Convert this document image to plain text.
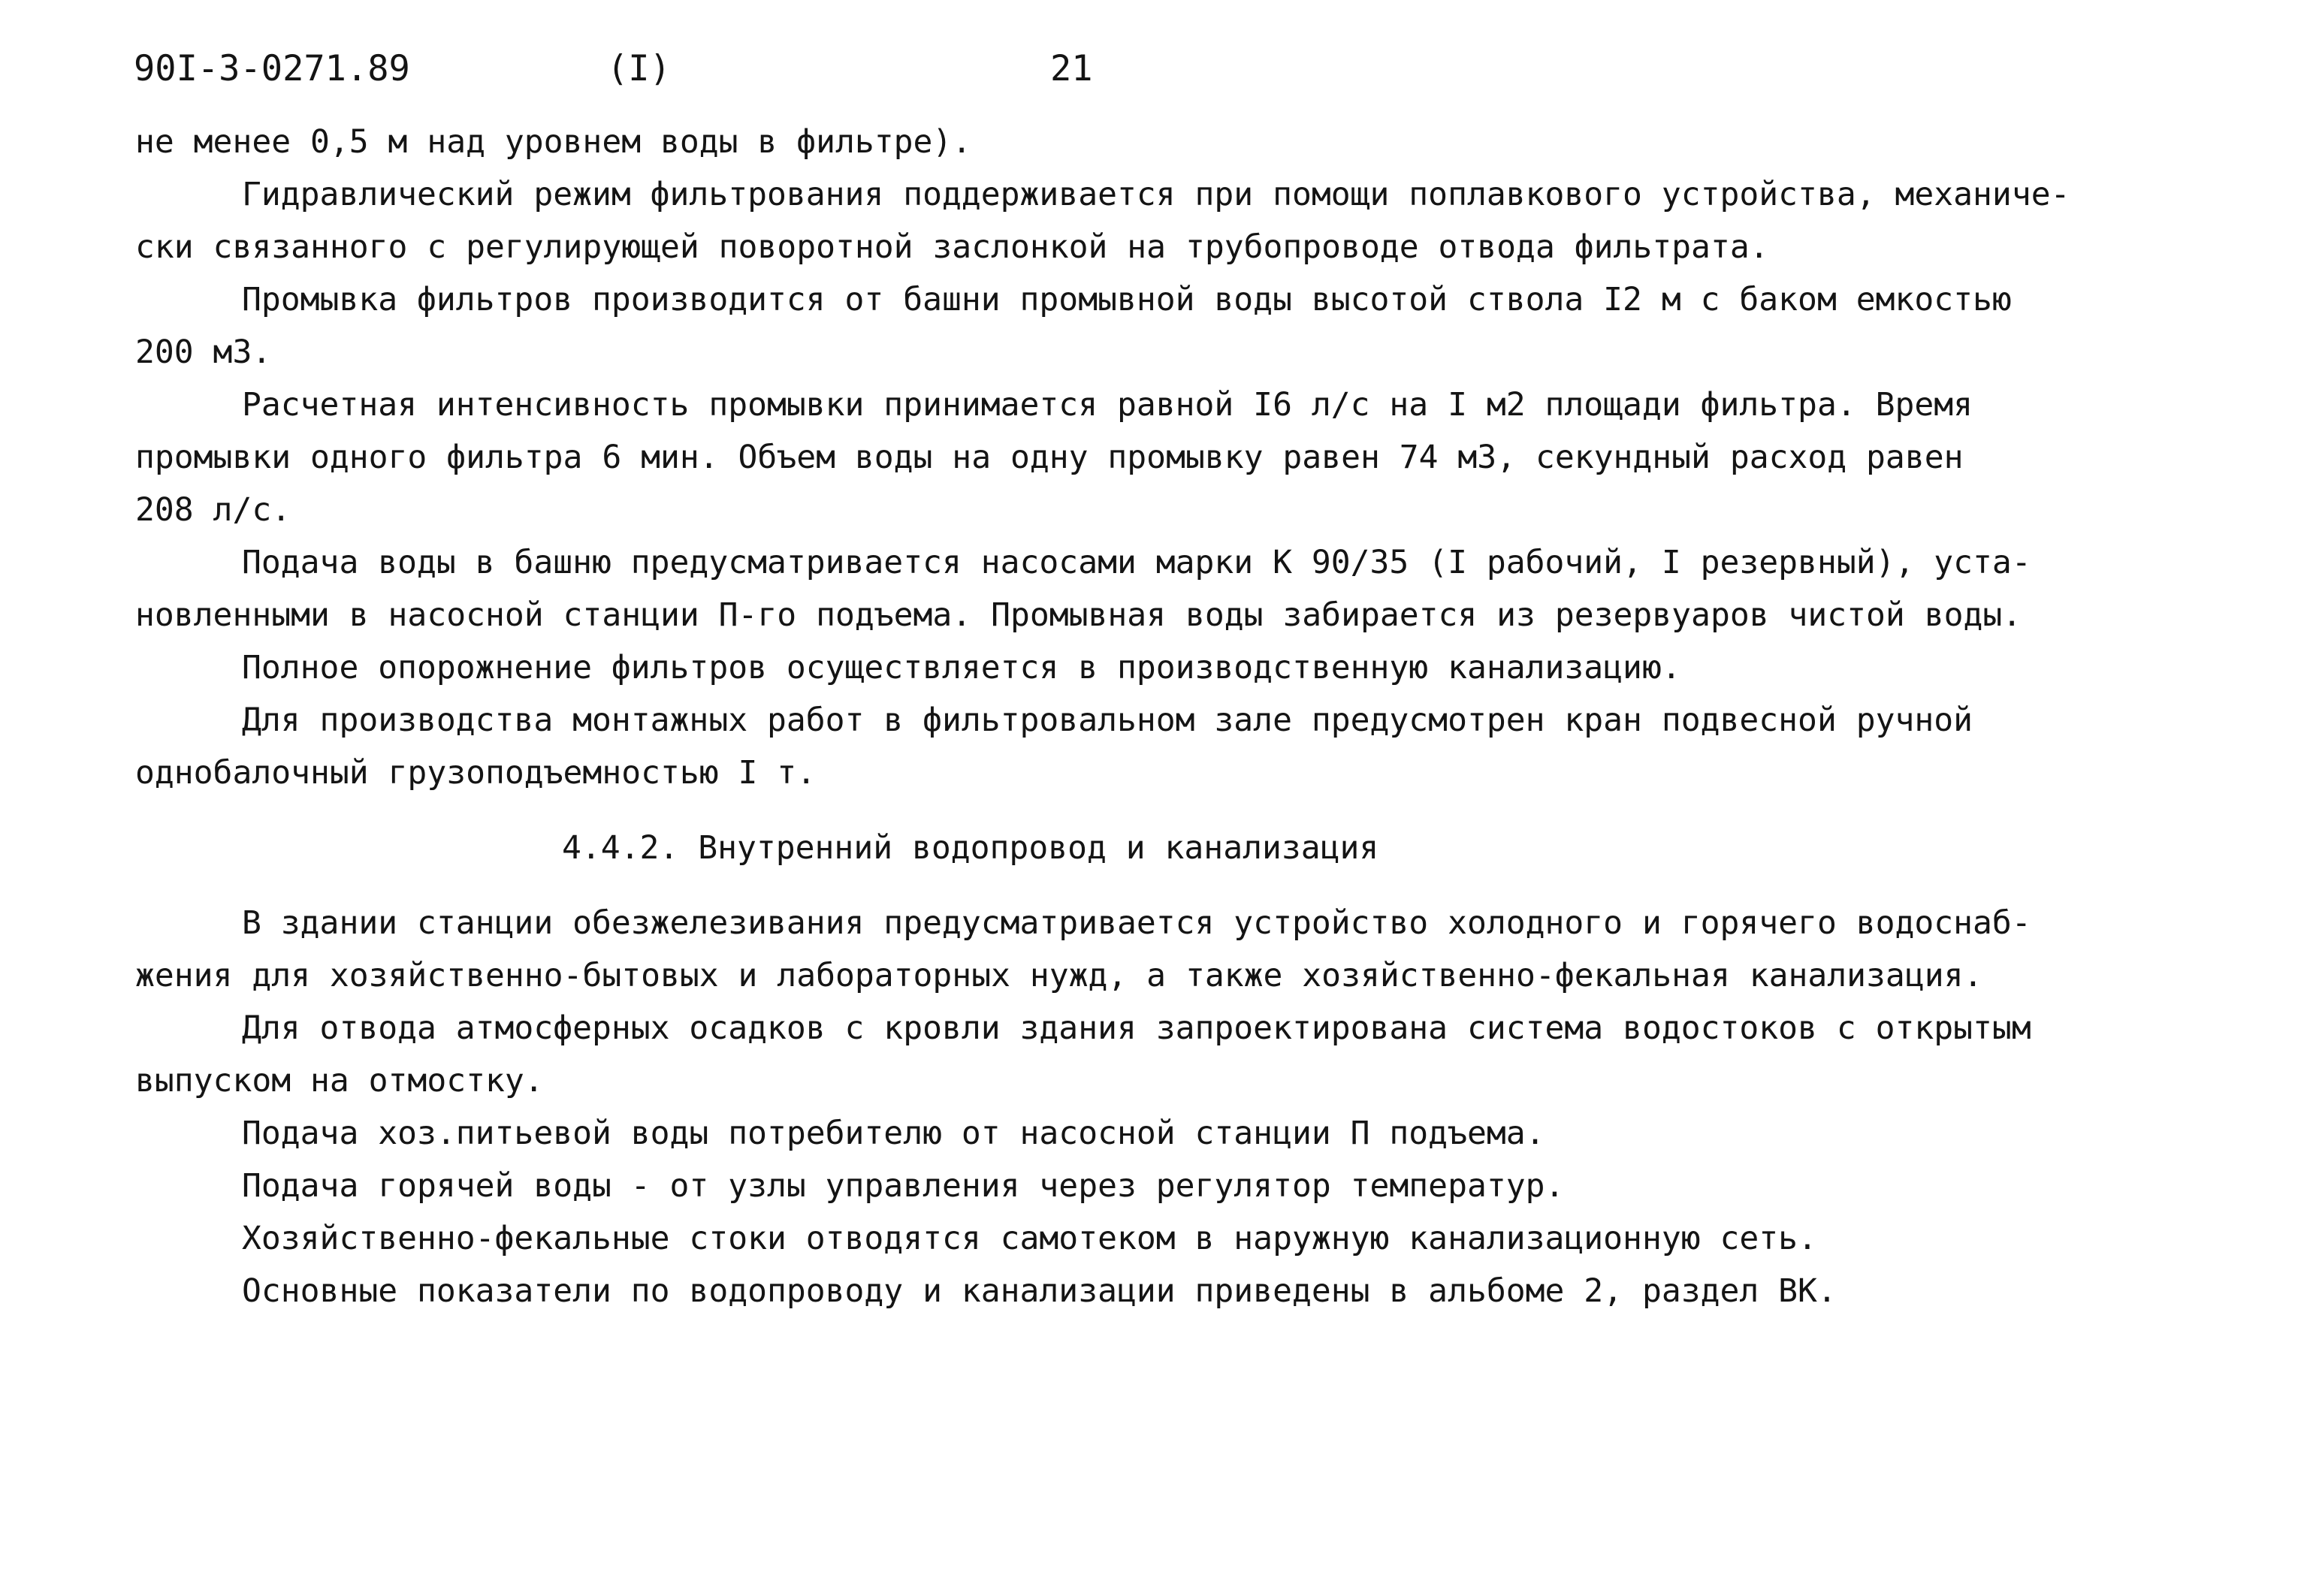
90I-3-0271.89	(I)	21
не менее 0,5 м над уровнем воды в фильтре).
Гидравлический режим фильтрования поддерживается при помощи поплавкового устройства, механиче-
ски связанного с регулирующей поворотной заслонкой на трубопроводе отвода фильтрата.
Промывка фильтров производится от башни промывной воды высотой ствола I2 м с баком емкостью
200 м3.
Расчетная интенсивность промывки принимается равной I6 л/с на I м2 площади фильтра. Время
промывки одного фильтра 6 мин. Объем воды на одну промывку равен 74 м3, секундный расход равен
208 л/с.
Подача воды в башню предусматривается насосами марки К 90/35 (I рабочий, I резервный), уста-
новленными в насосной станции П-го подъема. Промывная воды забирается из резервуаров чистой воды.
Полное опорожнение фильтров осуществляется в производственную канализацию.
Для производства монтажных работ в фильтровальном зале предусмотрен кран подвесной ручной
однобалочный грузоподъемностью I т.
4.4.2. Внутренний водопровод и канализация
В здании станции обезжелезивания предусматривается устройство холодного и горячего водоснаб-
жения для хозяйственно-бытовых и лабораторных нужд, а также хозяйственно-фекальная канализация.
Для отвода атмосферных осадков с кровли здания запроектирована система водостоков с открытым
выпуском на отмостку.
Подача хоз.питьевой воды потребителю от насосной станции П подъема.
Подача горячей воды - от узлы управления через регулятор температур.
Хозяйственно-фекальные стоки отводятся самотеком в наружную канализационную сеть.
Основные показатели по водопроводу и канализации приведены в альбоме 2, раздел ВК.
